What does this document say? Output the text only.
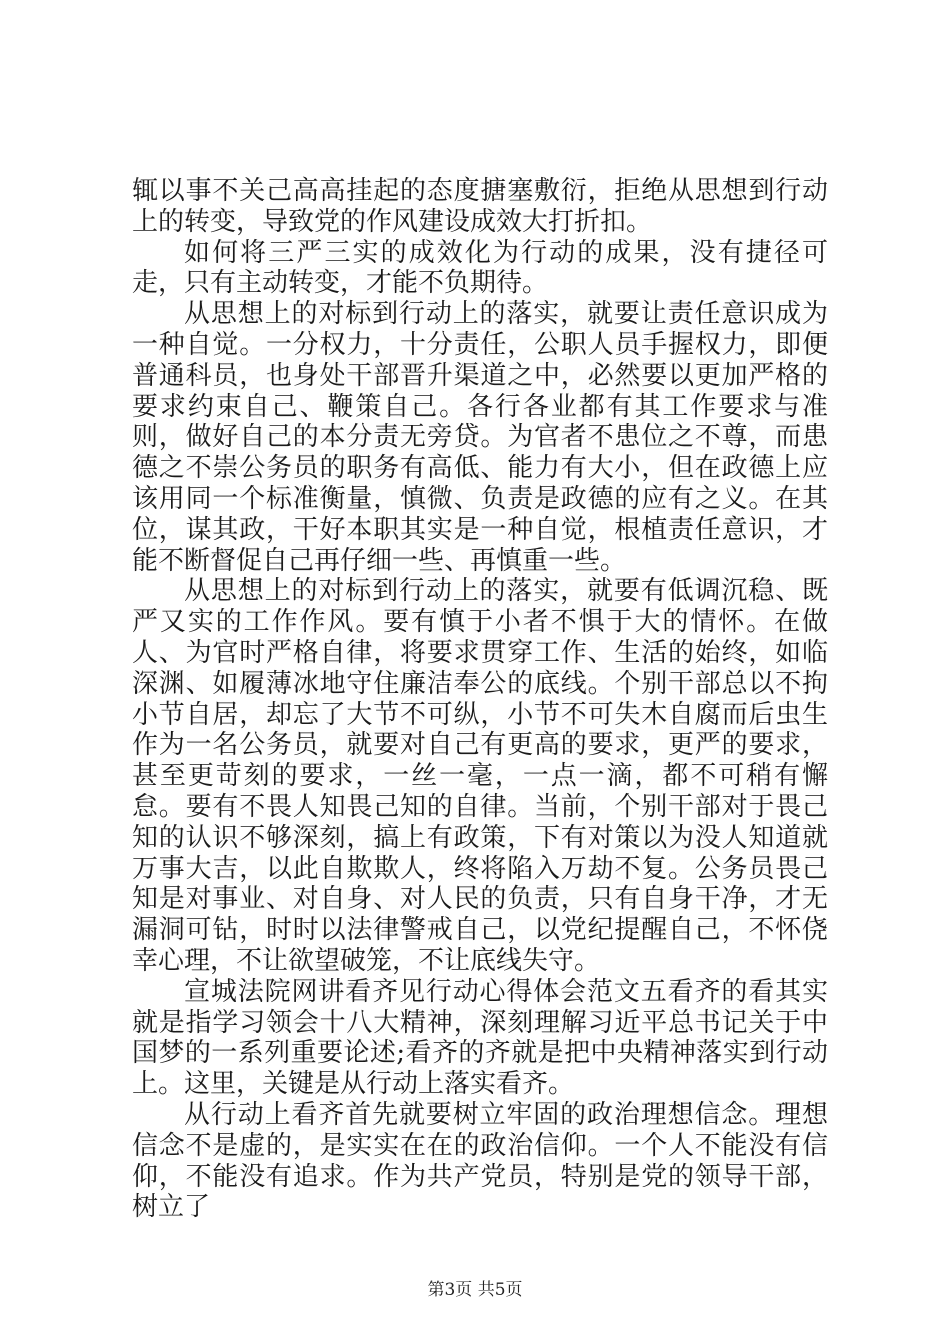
辄以事不关己高高挂起的态度搪塞敷衍，拒绝从思想到行动上的转变，导致党的作风建设成效大打折扣。

如何将三严三实的成效化为行动的成果，没有捷径可走，只有主动转变，才能不负期待。

从思想上的对标到行动上的落实，就要让责任意识成为一种自觉。一分权力，十分责任，公职人员手握权力，即便普通科员，也身处干部晋升渠道之中，必然要以更加严格的要求约束自己、鞭策自己。各行各业都有其工作要求与准则，做好自己的本分责无旁贷。为官者不患位之不尊，而患德之不崇公务员的职务有高低、能力有大小，但在政德上应该用同一个标准衡量，慎微、负责是政德的应有之义。在其位，谋其政，干好本职其实是一种自觉，根植责任意识，才能不断督促自己再仔细一些、再慎重一些。

从思想上的对标到行动上的落实，就要有低调沉稳、既严又实的工作作风。要有慎于小者不惧于大的情怀。在做人、为官时严格自律，将要求贯穿工作、生活的始终，如临深渊、如履薄冰地守住廉洁奉公的底线。个别干部总以不拘小节自居，却忘了大节不可纵，小节不可失木自腐而后虫生作为一名公务员，就要对自己有更高的要求，更严的要求，甚至更苛刻的要求，一丝一毫，一点一滴，都不可稍有懈怠。要有不畏人知畏己知的自律。当前，个别干部对于畏己知的认识不够深刻，搞上有政策，下有对策以为没人知道就万事大吉，以此自欺欺人，终将陷入万劫不复。公务员畏己知是对事业、对自身、对人民的负责，只有自身干净，才无漏洞可钻，时时以法律警戒自己，以党纪提醒自己，不怀侥幸心理，不让欲望破笼，不让底线失守。

宣城法院网讲看齐见行动心得体会范文五看齐的看其实就是指学习领会十八大精神，深刻理解习近平总书记关于中国梦的一系列重要论述;看齐的齐就是把中央精神落实到行动上。这里，关键是从行动上落实看齐。

从行动上看齐首先就要树立牢固的政治理想信念。理想信念不是虚的，是实实在在的政治信仰。一个人不能没有信仰，不能没有追求。作为共产党员，特别是党的领导干部，树立了

第3页 共5页
